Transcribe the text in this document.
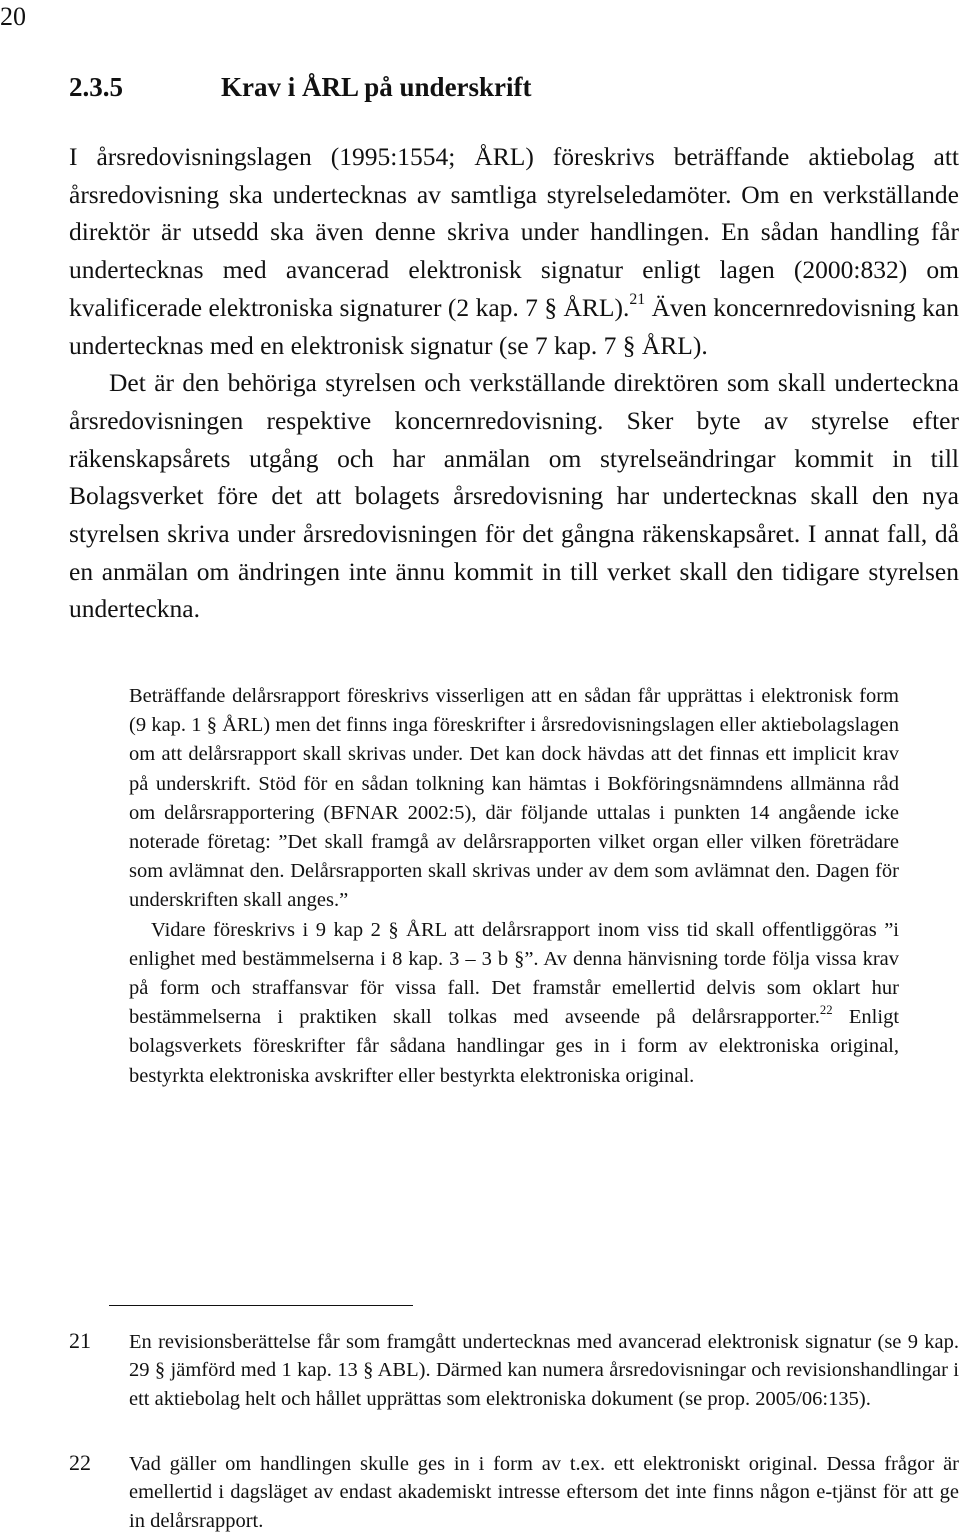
20
2.3.5	Krav i ÅRL på underskrift

I årsredovisningslagen (1995:1554; ÅRL) föreskrivs beträffande aktiebolag att årsredovisning ska undertecknas av samtliga styrelseledamöter. Om en verkställande direktör är utsedd ska även denne skriva under handlingen. En sådan handling får undertecknas med avancerad elektronisk signatur enligt lagen (2000:832) om kvalificerade elektroniska signaturer (2 kap. 7 § ÅRL).$^{21}$ Även koncernredovisning kan undertecknas med en elektronisk signatur (se 7 kap. 7 § ÅRL).

Det är den behöriga styrelsen och verkställande direktören som skall underteckna årsredovisningen respektive koncernredovisning. Sker byte av styrelse efter räkenskapsårets utgång och har anmälan om styrelseändringar kommit in till Bolagsverket före det att bolagets årsredovisning har undertecknas skall den nya styrelsen skriva under årsredovisningen för det gångna räkenskapsåret. I annat fall, då en anmälan om ändringen inte ännu kommit in till verket skall den tidigare styrelsen underteckna.

Beträffande delårsrapport föreskrivs visserligen att en sådan får upprättas i elektronisk form (9 kap. 1 § ÅRL) men det finns inga föreskrifter i årsredovisningslagen eller aktiebolagslagen om att delårsrapport skall skrivas under. Det kan dock hävdas att det finnas ett implicit krav på underskrift. Stöd för en sådan tolkning kan hämtas i Bokföringsnämndens allmänna råd om delårsrapportering (BFNAR 2002:5), där följande uttalas i punkten 14 angående icke noterade företag: ”Det skall framgå av delårsrapporten vilket organ eller vilken företrädare som avlämnat den. Delårsrapporten skall skrivas under av dem som avlämnat den. Dagen för underskriften skall anges.”

Vidare föreskrivs i 9 kap 2 § ÅRL att delårsrapport inom viss tid skall offentliggöras ”i enlighet med bestämmelserna i 8 kap. 3 – 3 b §”. Av denna hänvisning torde följa vissa krav på form och straffansvar för vissa fall. Det framstår emellertid delvis som oklart hur bestämmelserna i praktiken skall tolkas med avseende på delårsrapporter.$^{22}$ Enligt bolagsverkets föreskrifter får sådana handlingar ges in i form av elektroniska original, bestyrkta elektroniska avskrifter eller bestyrkta elektroniska original.

21 En revisionsberättelse får som framgått undertecknas med avancerad elektronisk signatur (se 9 kap. 29 § jämförd med 1 kap. 13 § ABL). Därmed kan numera årsredovisningar och revisionshandlingar i ett aktiebolag helt och hållet upprättas som elektroniska dokument (se prop. 2005/06:135).
22 Vad gäller om handlingen skulle ges in i form av t.ex. ett elektroniskt original. Dessa frågor är emellertid i dagsläget av endast akademiskt intresse eftersom det inte finns någon e-tjänst för att ge in delårsrapport.
